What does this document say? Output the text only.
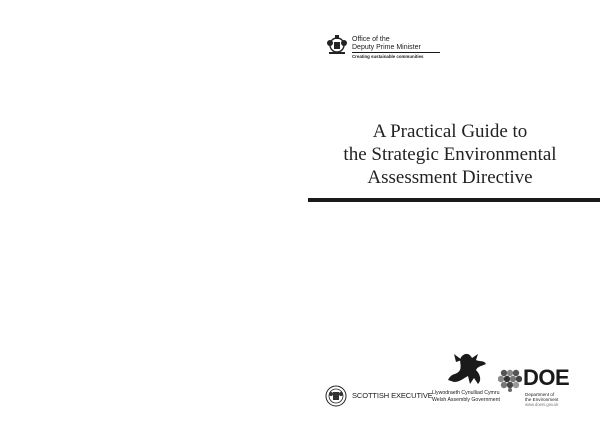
Office of the
Deputy Prime Minister
Creating sustainable communities
A Practical Guide to
the Strategic Environmental
Assessment Directive
SCOTTISH EXECUTIVE Llywodraeth Cynulliad Cymru
Welsh Assembly Government
DOE
Department of
the Environment
www.doeni.gov.uk
